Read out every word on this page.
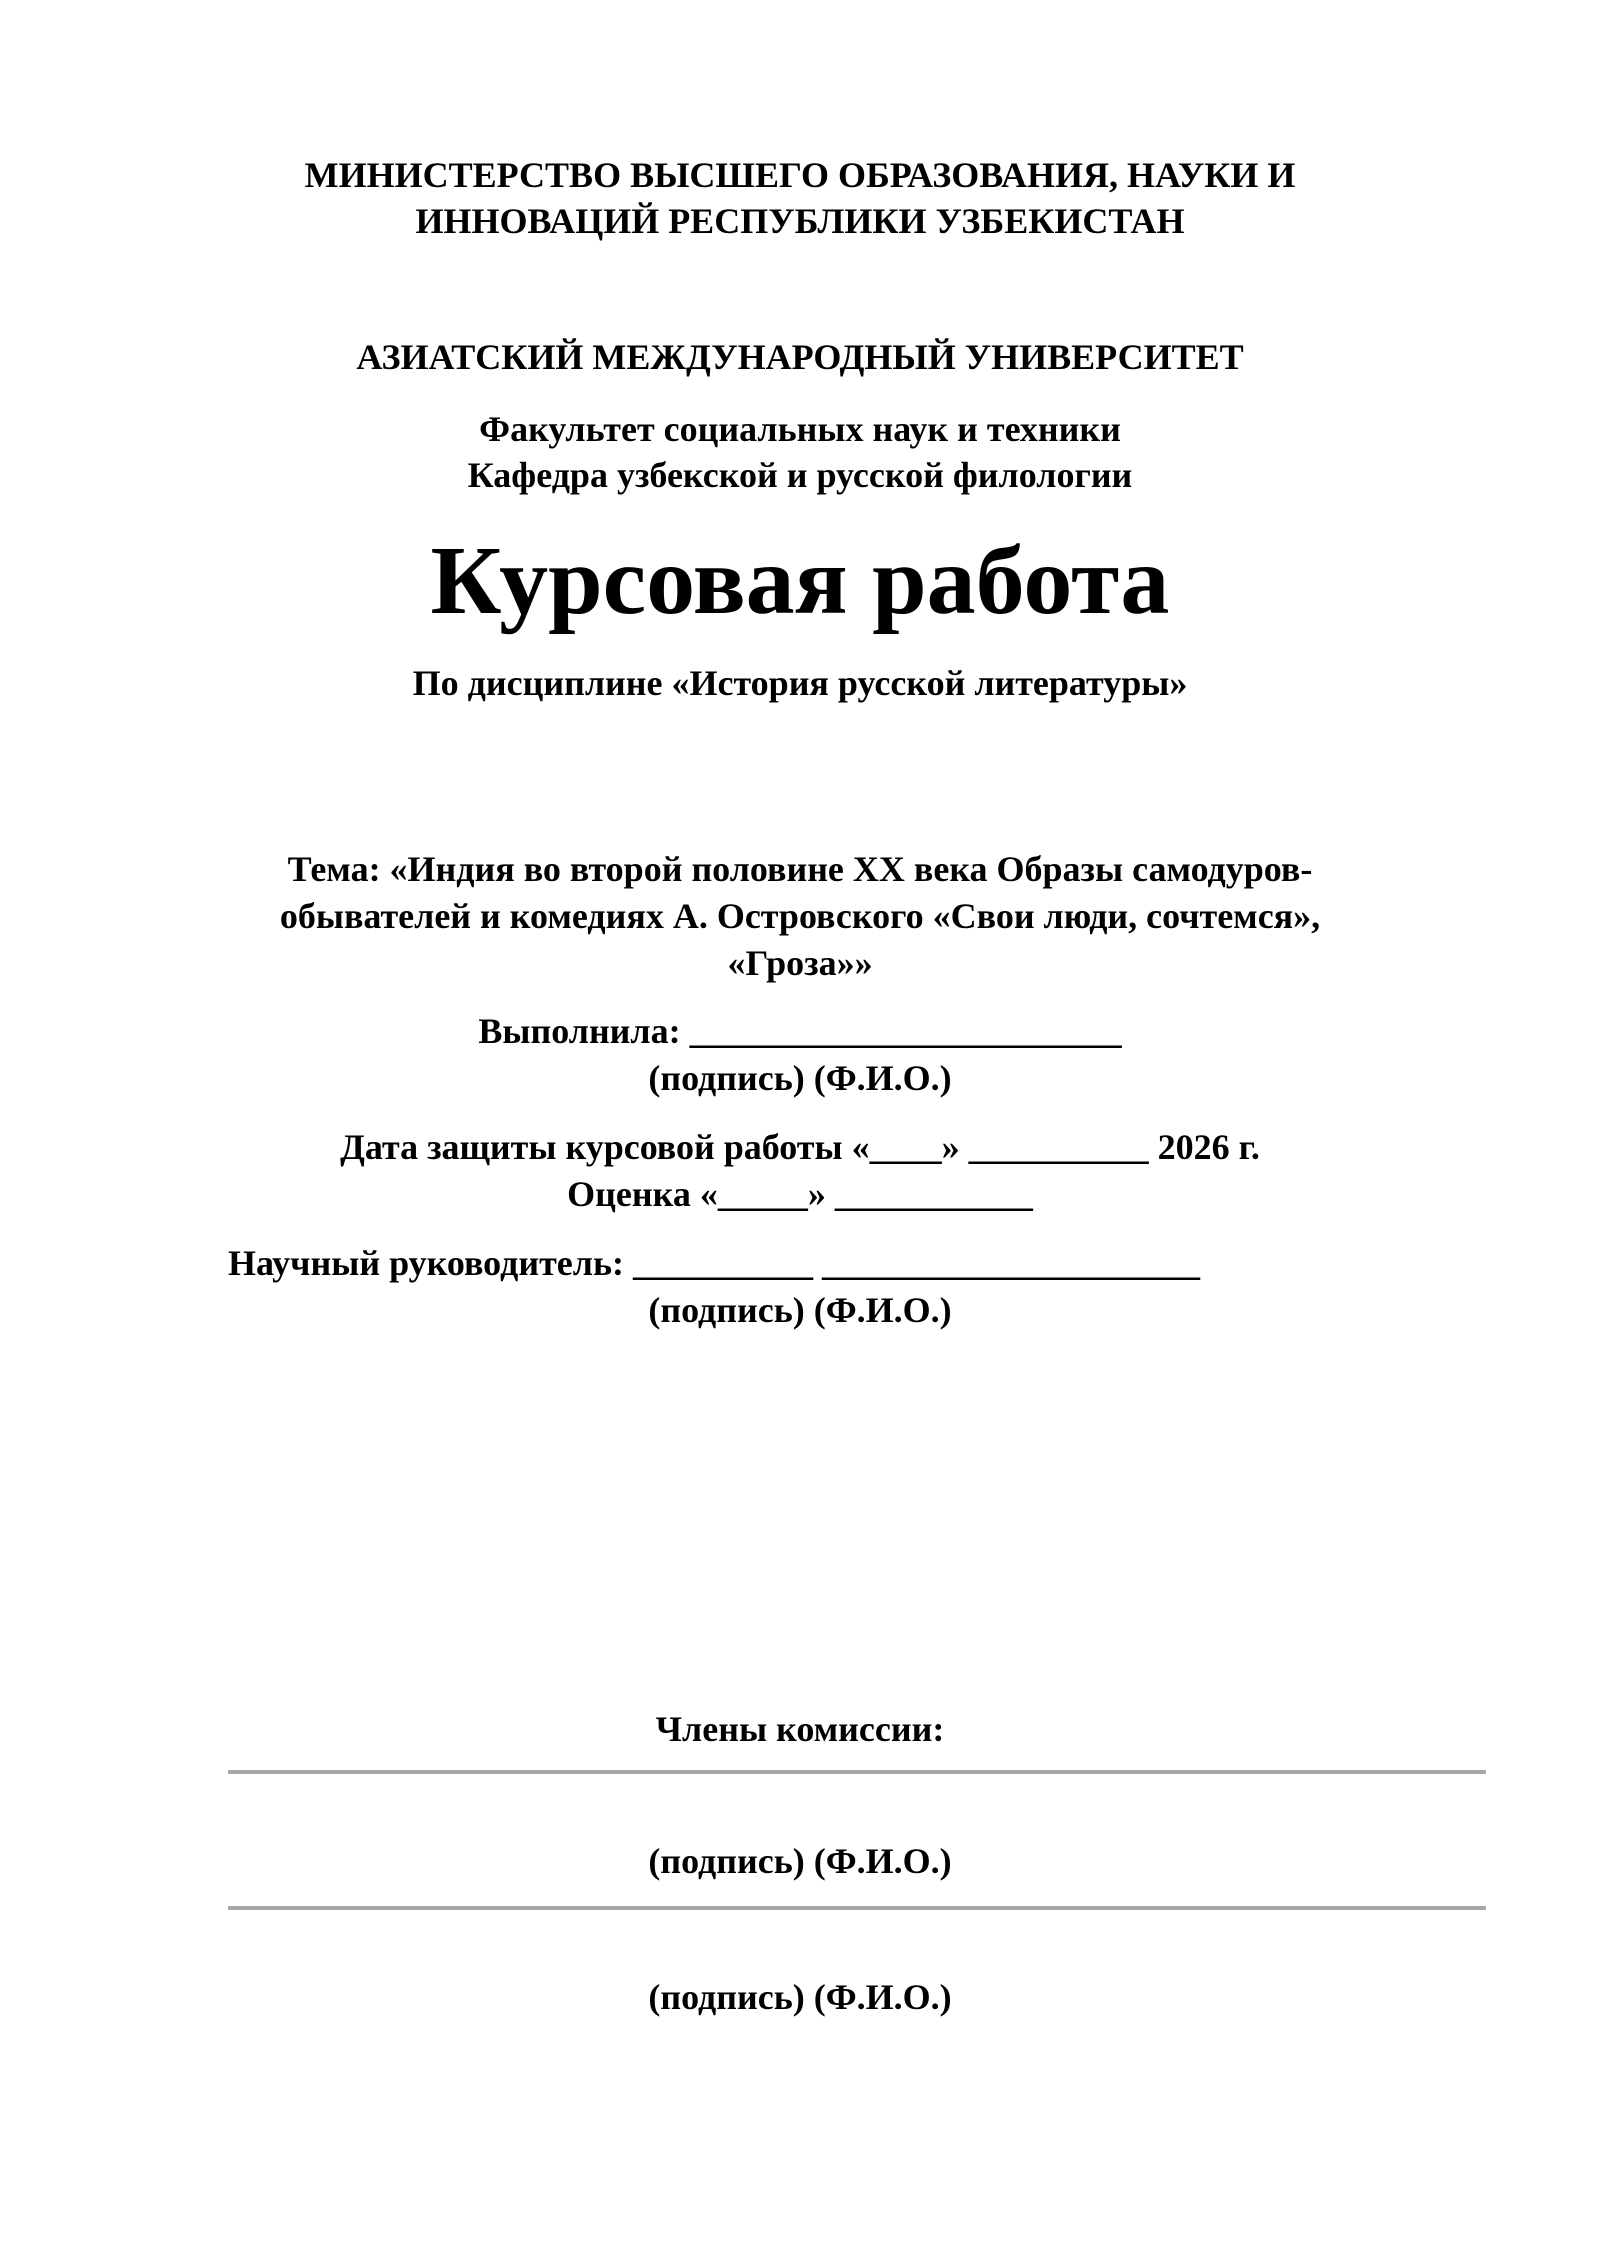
МИНИСТЕРСТВО ВЫСШЕГО ОБРАЗОВАНИЯ, НАУКИ И
ИННОВАЦИЙ РЕСПУБЛИКИ УЗБЕКИСТАН
АЗИАТСКИЙ МЕЖДУНАРОДНЫЙ УНИВЕРСИТЕТ
Факультет социальных наук и техники
Кафедра узбекской и русской филологии
Курсовая работа
По дисциплине «История русской литературы»
Тема: «Индия во второй половине XX века Образы самодуров-
обывателей и комедиях А. Островского «Свои люди, сочтемся»,
«Гроза»»
Выполнила: ________________________
(подпись) (Ф.И.О.)
Дата защиты курсовой работы «____» __________ 2026 г.
Оценка «_____» ___________
Научный руководитель: __________ _____________________
(подпись) (Ф.И.О.)
Члены комиссии:
(подпись) (Ф.И.О.)
(подпись) (Ф.И.О.)
